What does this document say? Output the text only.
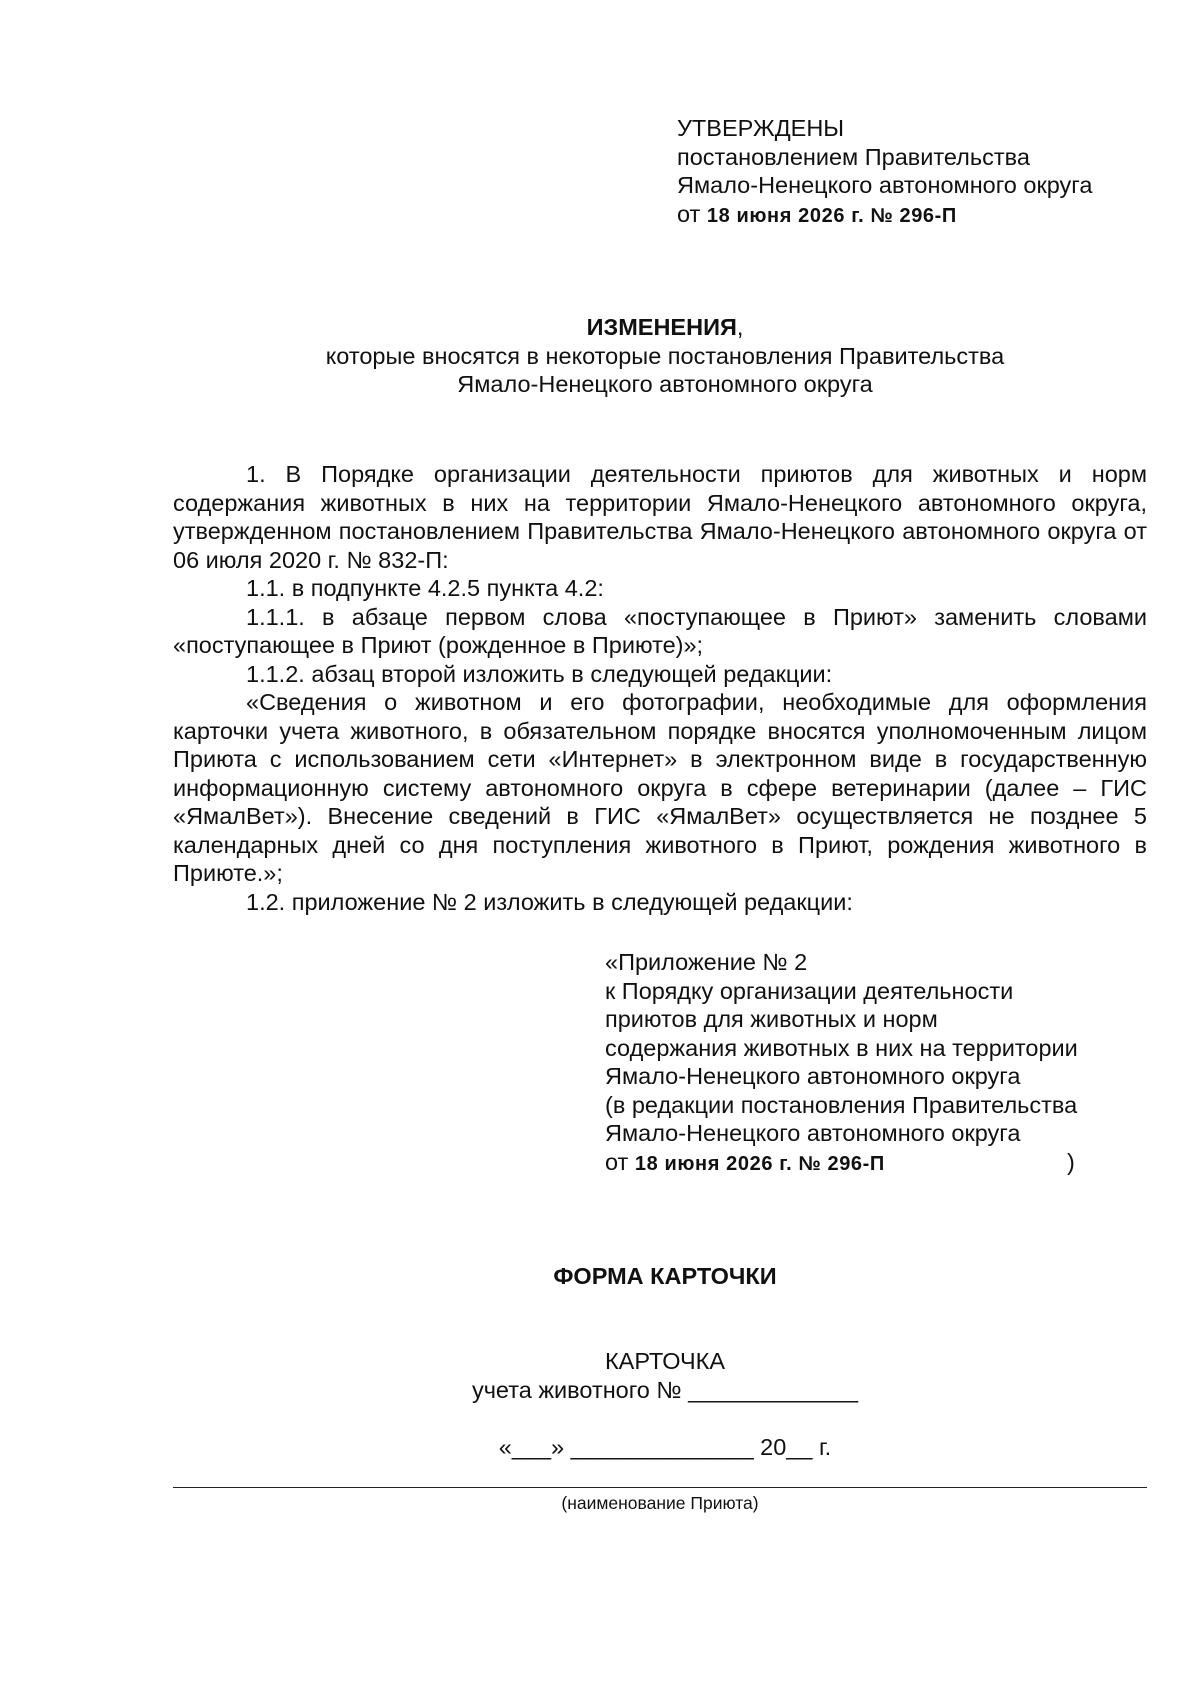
УТВЕРЖДЕНЫ
постановлением Правительства
Ямало-Ненецкого автономного округа
от 18 июня 2026 г. № 296-П
ИЗМЕНЕНИЯ,
которые вносятся в некоторые постановления Правительства
Ямало-Ненецкого автономного округа

1. В Порядке организации деятельности приютов для животных и норм содержания животных в них на территории Ямало-Ненецкого автономного округа, утвержденном постановлением Правительства Ямало-Ненецкого автономного округа от 06 июля 2020 г. № 832-П:

1.1. в подпункте 4.2.5 пункта 4.2:

1.1.1. в абзаце первом слова «поступающее в Приют» заменить словами «поступающее в Приют (рожденное в Приюте)»;

1.1.2. абзац второй изложить в следующей редакции:

«Сведения о животном и его фотографии, необходимые для оформления карточки учета животного, в обязательном порядке вносятся уполномоченным лицом Приюта с использованием сети «Интернет» в электронном виде в государственную информационную систему автономного округа в сфере ветеринарии (далее – ГИС «ЯмалВет»). Внесение сведений в ГИС «ЯмалВет» осуществляется не позднее 5 календарных дней со дня поступления животного в Приют, рождения животного в Приюте.»;

1.2. приложение № 2 изложить в следующей редакции:

«Приложение № 2
к Порядку организации деятельности
приютов для животных и норм
содержания животных в них на территории
Ямало-Ненецкого автономного округа
(в редакции постановления Правительства
Ямало-Ненецкого автономного округа
от 18 июня 2026 г. № 296-П	)
ФОРМА КАРТОЧКИ
КАРТОЧКА
учета животного № _____________
«___» ______________ 20__ г.
(наименование Приюта)
